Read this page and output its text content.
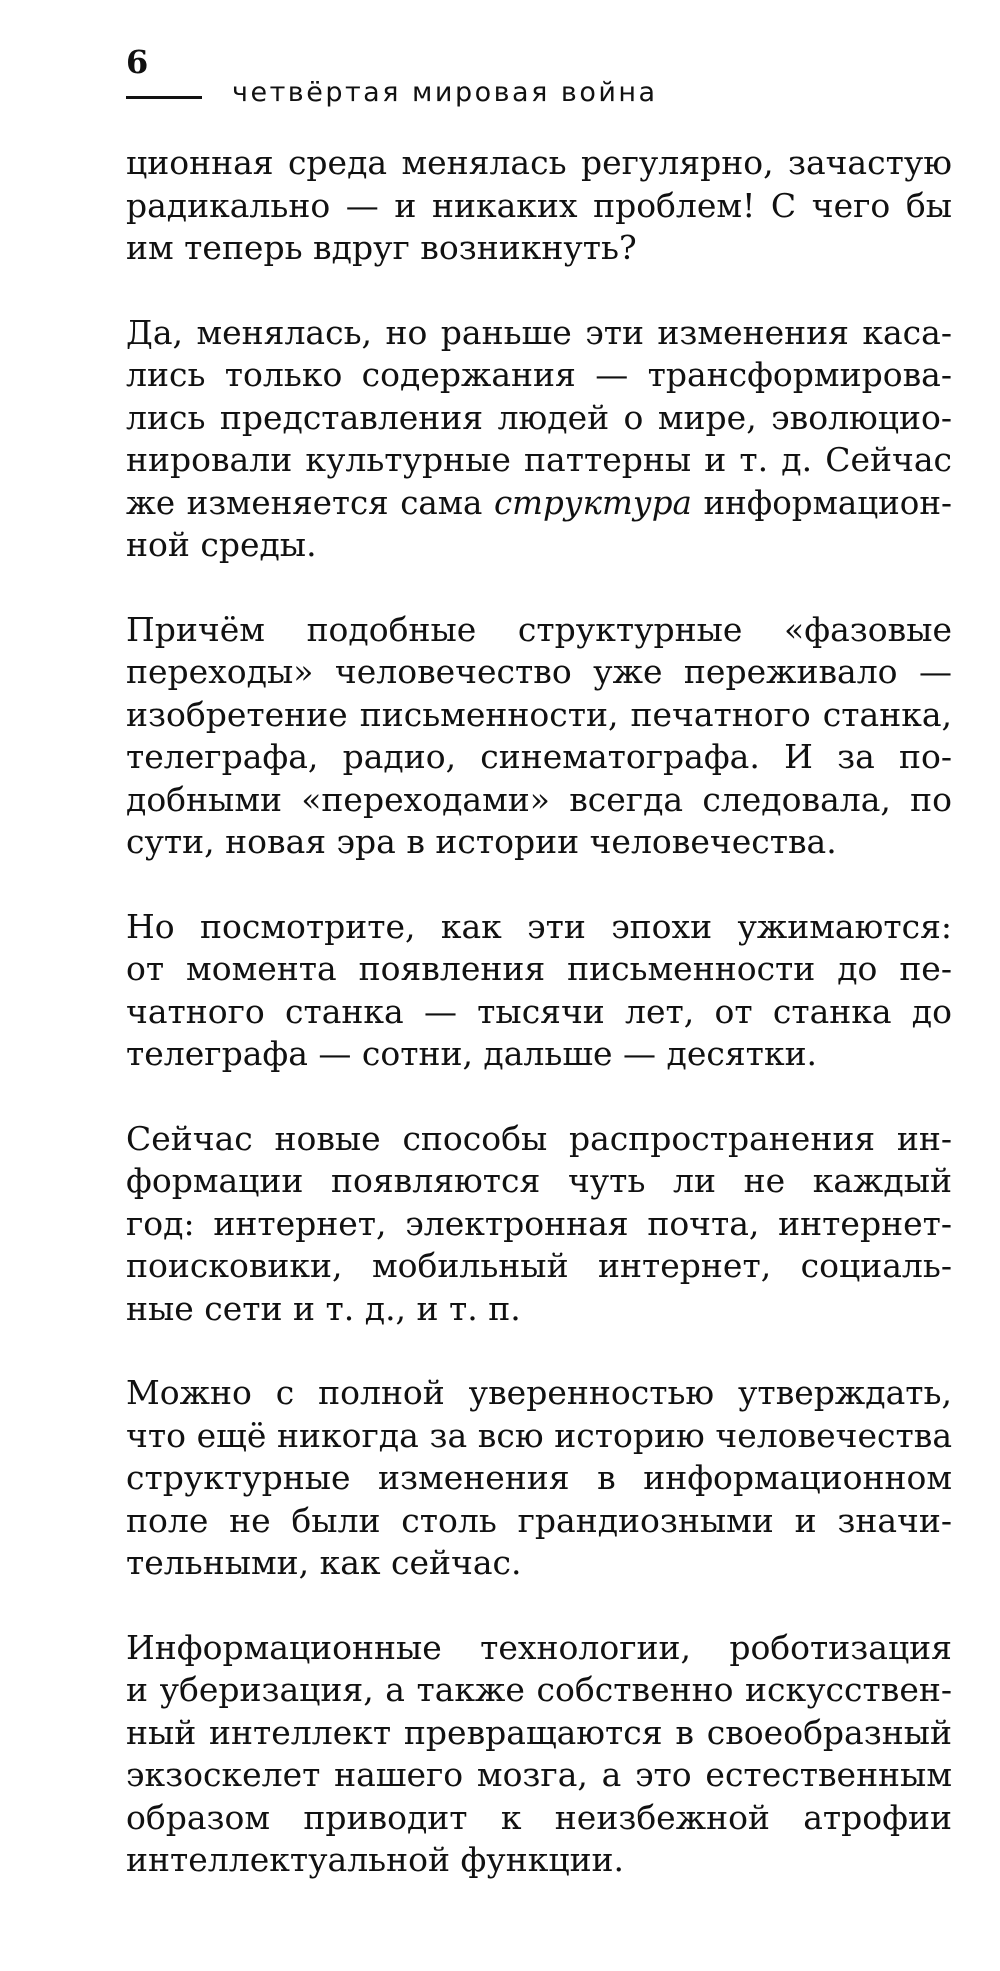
6
четвёртая мировая война

ционная среда менялась регулярно, зачастую
радикально — и никаких проблем! С чего бы
им теперь вдруг возникнуть?

Да, менялась, но раньше эти изменения каса-
лись только содержания — трансформирова-
лись представления людей о мире, эволюцио-
нировали культурные паттерны и т. д. Сейчас
же изменяется сама структура информацион-
ной среды.

Причём подобные структурные «фазовые
переходы» человечество уже переживало —
изобретение письменности, печатного станка,
телеграфа, радио, синематографа. И за по-
добными «переходами» всегда следовала, по
сути, новая эра в истории человечества.

Но посмотрите, как эти эпохи ужимаются:
от момента появления письменности до пе-
чатного станка — тысячи лет, от станка до
телеграфа — сотни, дальше — десятки.

Сейчас новые способы распространения ин-
формации появляются чуть ли не каждый
год: интернет, электронная почта, интернет-
поисковики, мобильный интернет, социаль-
ные сети и т. д., и т. п.

Можно с полной уверенностью утверждать,
что ещё никогда за всю историю человечества
структурные изменения в информационном
поле не были столь грандиозными и значи-
тельными, как сейчас.

Информационные технологии, роботизация
и уберизация, а также собственно искусствен-
ный интеллект превращаются в своеобразный
экзоскелет нашего мозга, а это естественным
образом приводит к неизбежной атрофии
интеллектуальной функции.
